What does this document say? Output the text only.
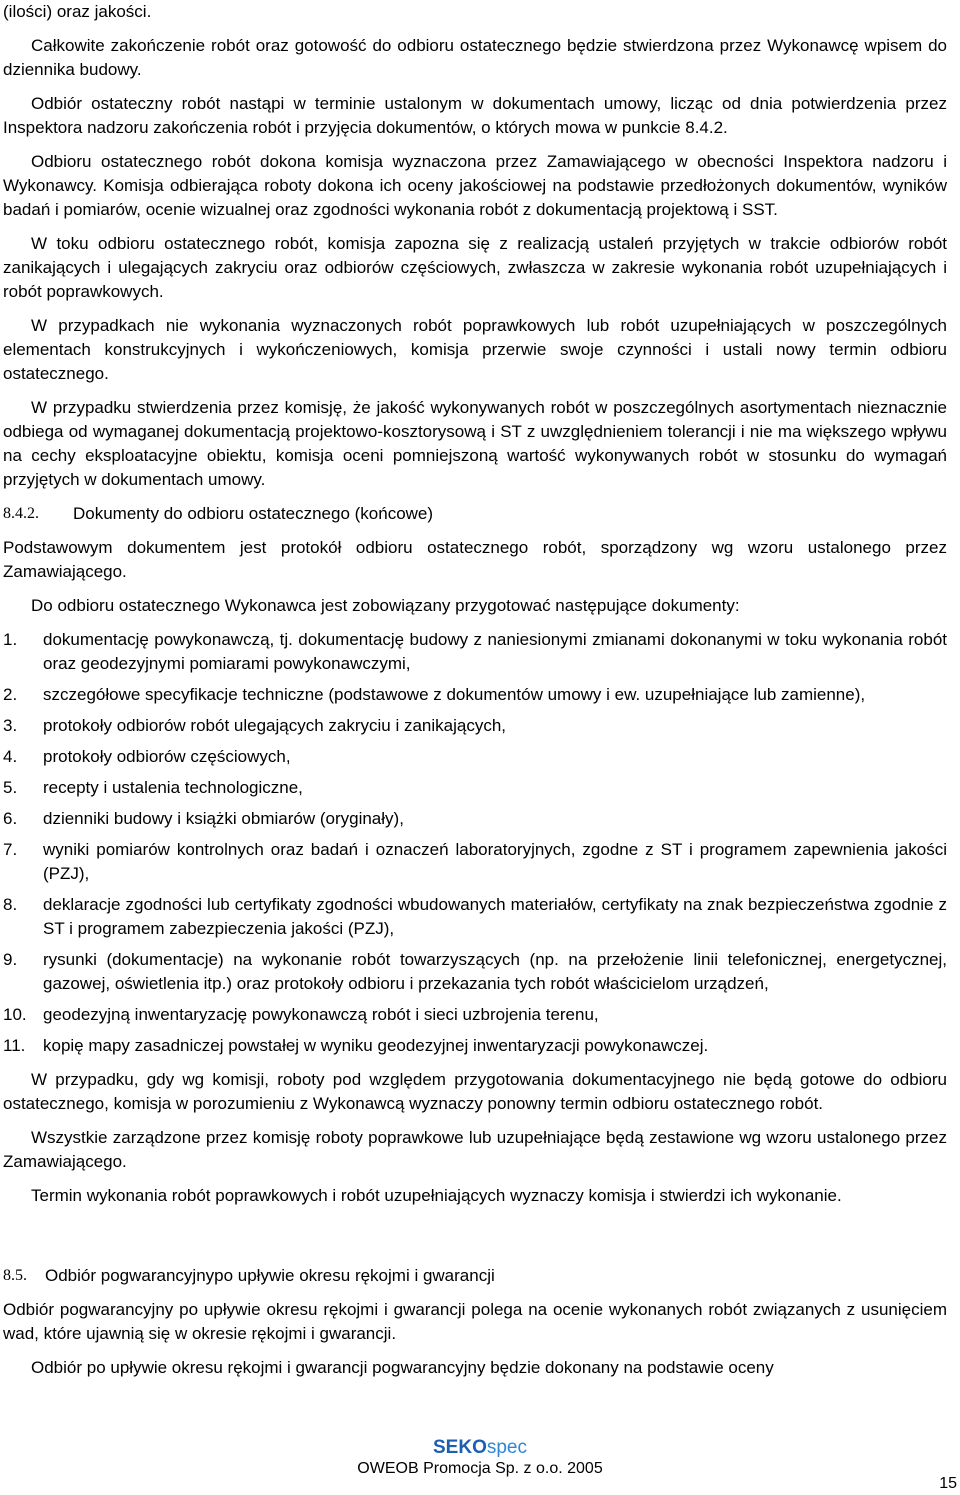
(ilości) oraz jakości.

Całkowite zakończenie robót oraz gotowość do odbioru ostatecznego będzie stwierdzona przez Wykonawcę wpisem do dziennika budowy.

Odbiór ostateczny robót nastąpi w terminie ustalonym w dokumentach umowy, licząc od dnia potwierdzenia przez Inspektora nadzoru zakończenia robót i przyjęcia dokumentów, o których mowa w punkcie 8.4.2.

Odbioru ostatecznego robót dokona komisja wyznaczona przez Zamawiającego w obecności Inspektora nadzoru i Wykonawcy. Komisja odbierająca roboty dokona ich oceny jakościowej na podstawie przedłożonych dokumentów, wyników badań i pomiarów, ocenie wizualnej oraz zgodności wykonania robót z dokumentacją projektową i SST.

W toku odbioru ostatecznego robót, komisja zapozna się z realizacją ustaleń przyjętych w trakcie odbiorów robót zanikających i ulegających zakryciu oraz odbiorów częściowych, zwłaszcza w zakresie wykonania robót uzupełniających i robót poprawkowych.

W przypadkach nie wykonania wyznaczonych robót poprawkowych lub robót uzupełniających w poszczególnych elementach konstrukcyjnych i wykończeniowych, komisja przerwie swoje czynności i ustali nowy termin odbioru ostatecznego.

W przypadku stwierdzenia przez komisję, że jakość wykonywanych robót w poszczególnych asortymentach nieznacznie odbiega od wymaganej dokumentacją projektowo-kosztorysową i ST z uwzględnieniem tolerancji i nie ma większego wpływu na cechy eksploatacyjne obiektu, komisja oceni pomniejszoną wartość wykonywanych robót w stosunku do wymagań przyjętych w dokumentach umowy.

8.4.2.	Dokumenty do odbioru ostatecznego (końcowe)

Podstawowym dokumentem jest protokół odbioru ostatecznego robót, sporządzony wg wzoru ustalonego przez Zamawiającego.

Do odbioru ostatecznego Wykonawca jest zobowiązany przygotować następujące dokumenty:

1.	dokumentację powykonawczą, tj. dokumentację budowy z naniesionymi zmianami dokonanymi w toku wykonania robót oraz geodezyjnymi pomiarami powykonawczymi,
2.	szczegółowe specyfikacje techniczne (podstawowe z dokumentów umowy i ew. uzupełniające lub zamienne),
3.	protokoły odbiorów robót ulegających zakryciu i zanikających,
4.	protokoły odbiorów częściowych,
5.	recepty i ustalenia technologiczne,
6.	dzienniki budowy i książki obmiarów (oryginały),
7.	wyniki pomiarów kontrolnych oraz badań i oznaczeń laboratoryjnych, zgodne z ST i programem zapewnienia jakości (PZJ),
8.	deklaracje zgodności lub certyfikaty zgodności wbudowanych materiałów, certyfikaty na znak bezpieczeństwa zgodnie z ST i programem zabezpieczenia jakości (PZJ),
9.	rysunki (dokumentacje) na wykonanie robót towarzyszących (np. na przełożenie linii telefonicznej, energetycznej, gazowej, oświetlenia itp.) oraz protokoły odbioru i przekazania tych robót właścicielom urządzeń,
10. geodezyjną inwentaryzację powykonawczą robót i sieci uzbrojenia terenu,
11.	kopię mapy zasadniczej powstałej w wyniku geodezyjnej inwentaryzacji powykonawczej.

W przypadku, gdy wg komisji, roboty pod względem przygotowania dokumentacyjnego nie będą gotowe do odbioru ostatecznego, komisja w porozumieniu z Wykonawcą wyznaczy ponowny termin odbioru ostatecznego robót.

Wszystkie zarządzone przez komisję roboty poprawkowe lub uzupełniające będą zestawione wg wzoru ustalonego przez Zamawiającego.

Termin wykonania robót poprawkowych i robót uzupełniających wyznaczy komisja i stwierdzi ich wykonanie.

8.5.	Odbiór pogwarancyjnypo upływie okresu rękojmi i gwarancji

Odbiór pogwarancyjny po upływie okresu rękojmi i gwarancji polega na ocenie wykonanych robót związanych z usunięciem wad, które ujawnią się w okresie rękojmi i gwarancji.

Odbiór po upływie okresu rękojmi i gwarancji pogwarancyjny będzie dokonany na podstawie oceny

SEKOspec
OWEOB Promocja Sp. z o.o. 2005
15
